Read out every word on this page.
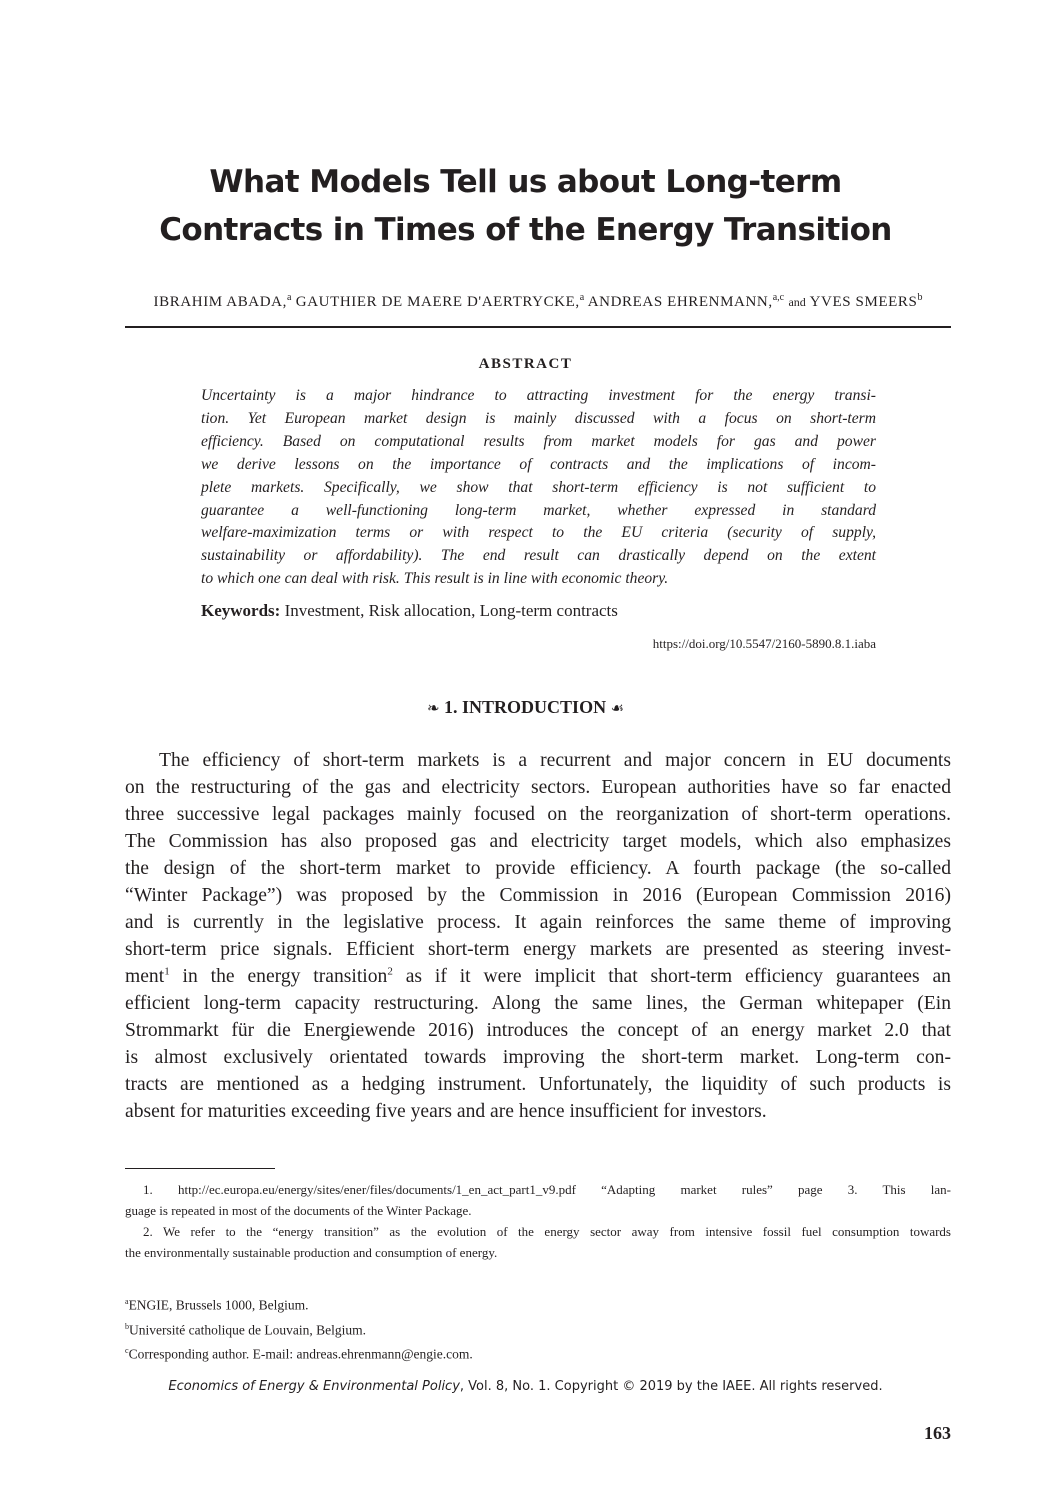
What Models Tell us about Long-term
Contracts in Times of the Energy Transition
IBRAHIM ABADA,$^a$ GAUTHIER DE MAERE D'AERTRYCKE,$^a$ ANDREAS EHRENMANN,$^{a,c}$ and YVES SMEERS$^b$
ABSTRACT
Uncertainty is a major hindrance to attracting investment for the energy transi-
tion. Yet European market design is mainly discussed with a focus on short-term
efficiency. Based on computational results from market models for gas and power
we derive lessons on the importance of contracts and the implications of incom-
plete markets. Specifically, we show that short-term efficiency is not sufficient to
guarantee a well-functioning long-term market, whether expressed in standard
welfare-maximization terms or with respect to the EU criteria (security of supply,
sustainability or affordability). The end result can drastically depend on the extent
to which one can deal with risk. This result is in line with economic theory.
Keywords: Investment, Risk allocation, Long-term contracts
https://doi.org/10.5547/2160-5890.8.1.iaba
❧ 1. INTRODUCTION ☙
The efficiency of short-term markets is a recurrent and major concern in EU documents
on the restructuring of the gas and electricity sectors. European authorities have so far enacted
three successive legal packages mainly focused on the reorganization of short-term operations.
The Commission has also proposed gas and electricity target models, which also emphasizes
the design of the short-term market to provide efficiency. A fourth package (the so-called
“Winter Package”) was proposed by the Commission in 2016 (European Commission 2016)
and is currently in the legislative process. It again reinforces the same theme of improving
short-term price signals. Efficient short-term energy markets are presented as steering invest-
ment$^1$ in the energy transition$^2$ as if it were implicit that short-term efficiency guarantees an
efficient long-term capacity restructuring. Along the same lines, the German whitepaper (Ein
Strommarkt für die Energiewende 2016) introduces the concept of an energy market 2.0 that
is almost exclusively orientated towards improving the short-term market. Long-term con-
tracts are mentioned as a hedging instrument. Unfortunately, the liquidity of such products is
absent for maturities exceeding five years and are hence insufficient for investors.
1. http://ec.europa.eu/energy/sites/ener/files/documents/1_en_act_part1_v9.pdf “Adapting market rules” page 3. This lan-
guage is repeated in most of the documents of the Winter Package.
2. We refer to the “energy transition” as the evolution of the energy sector away from intensive fossil fuel consumption towards
the environmentally sustainable production and consumption of energy.
$^a$ENGIE, Brussels 1000, Belgium.
$^b$Université catholique de Louvain, Belgium.
$^c$Corresponding author. E-mail: andreas.ehrenmann@engie.com.
Economics of Energy & Environmental Policy, Vol. 8, No. 1. Copyright © 2019 by the IAEE. All rights reserved.
163
